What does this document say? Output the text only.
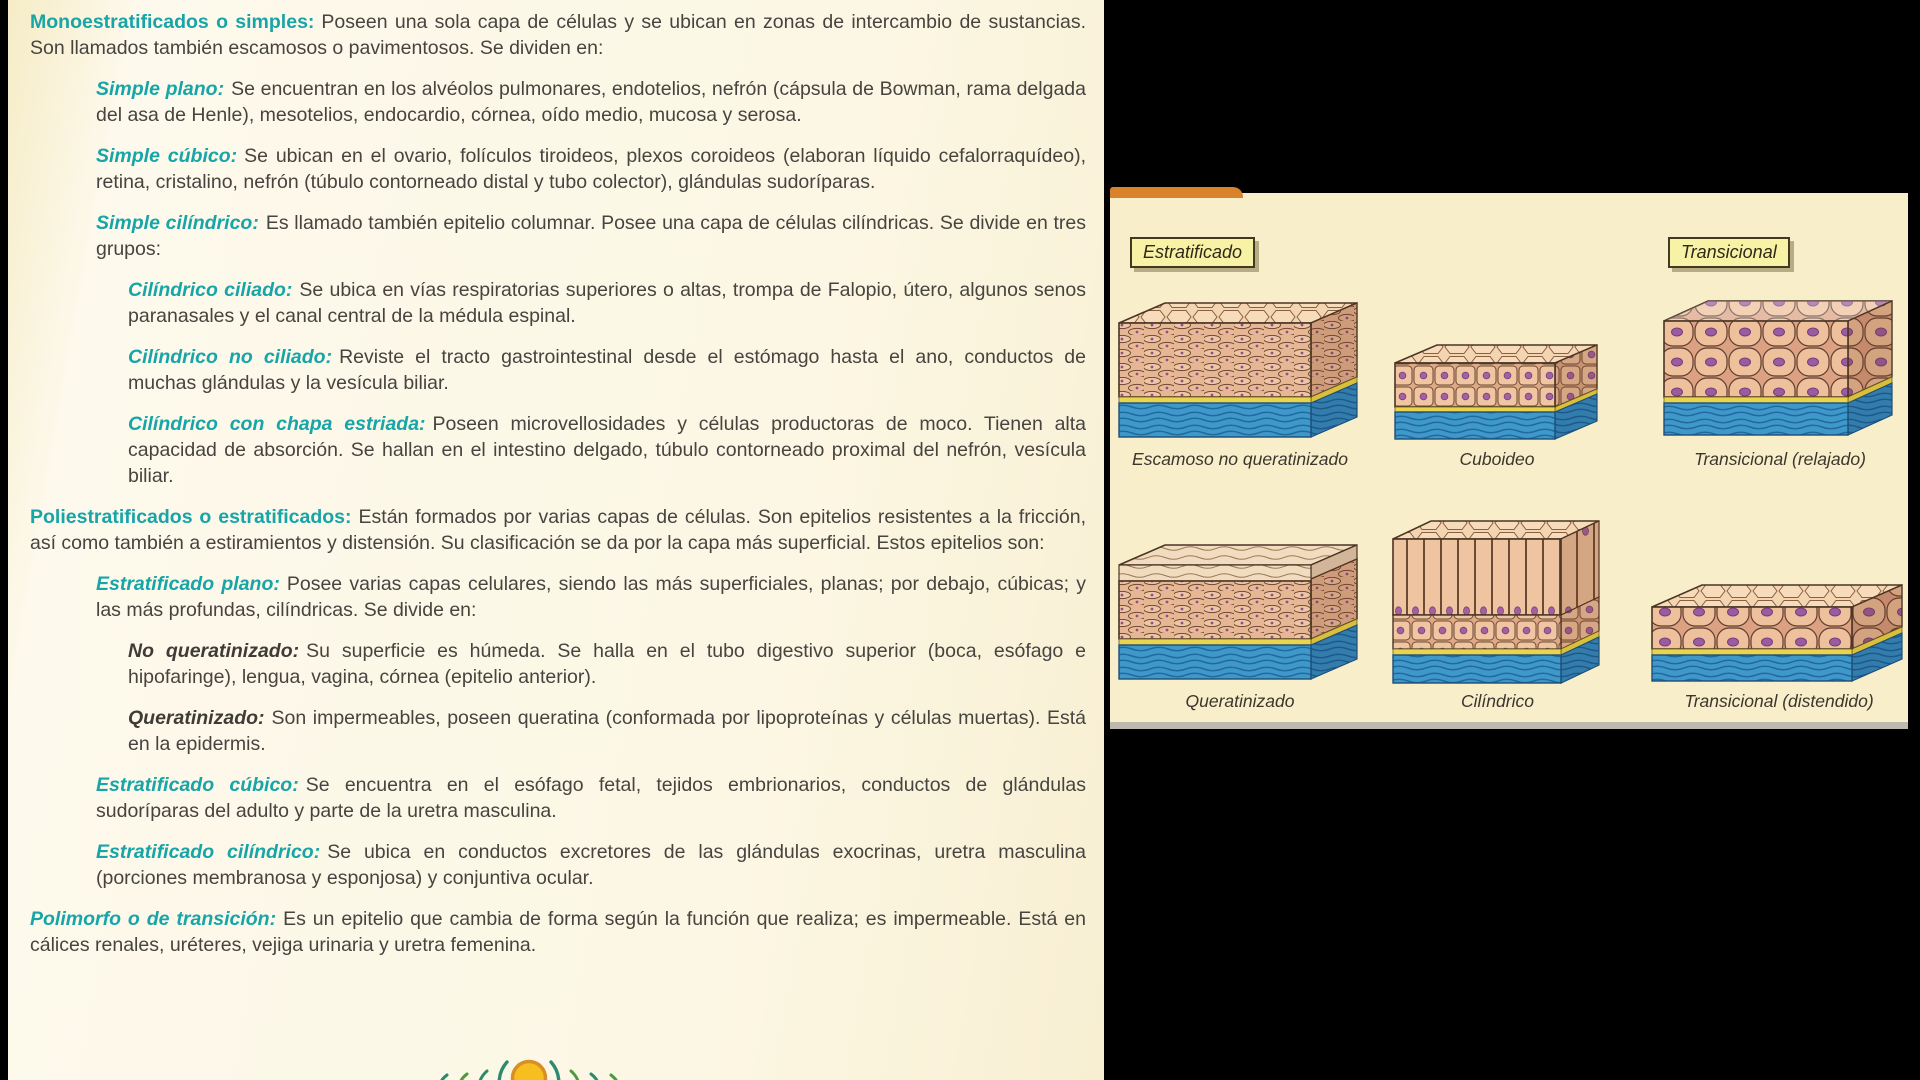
Monoestratificados o simples: Poseen una sola capa de células y se ubican en zonas de intercambio de sustancias. Son llamados también escamosos o pavimentosos. Se dividen en:
Simple plano: Se encuentran en los alvéolos pulmonares, endotelios, nefrón (cápsula de Bowman, rama delgada del asa de Henle), mesotelios, endocardio, córnea, oído medio, mucosa y serosa.
Simple cúbico: Se ubican en el ovario, folículos tiroideos, plexos coroideos (elaboran líquido cefalorraquídeo), retina, cristalino, nefrón (túbulo contorneado distal y tubo colector), glándulas sudoríparas.
Simple cilíndrico: Es llamado también epitelio columnar. Posee una capa de células cilíndricas. Se divide en tres grupos:
Cilíndrico ciliado: Se ubica en vías respiratorias superiores o altas, trompa de Falopio, útero, algunos senos paranasales y el canal central de la médula espinal.
Cilíndrico no ciliado: Reviste el tracto gastrointestinal desde el estómago hasta el ano, conductos de muchas glándulas y la vesícula biliar.
Cilíndrico con chapa estriada: Poseen microvellosidades y células productoras de moco. Tienen alta capacidad de absorción. Se hallan en el intestino delgado, túbulo contorneado proximal del nefrón, vesícula biliar.
Poliestratificados o estratificados: Están formados por varias capas de células. Son epitelios resistentes a la fricción, así como también a estiramientos y distensión. Su clasificación se da por la capa más superficial. Estos epitelios son:
Estratificado plano: Posee varias capas celulares, siendo las más superficiales, planas; por debajo, cúbicas; y las más profundas, cilíndricas. Se divide en:
No queratinizado: Su superficie es húmeda. Se halla en el tubo digestivo superior (boca, esófago e hipofaringe), lengua, vagina, córnea (epitelio anterior).
Queratinizado: Son impermeables, poseen queratina (conformada por lipoproteínas y células muertas). Está en la epidermis.
Estratificado cúbico: Se encuentra en el esófago fetal, tejidos embrionarios, conductos de glándulas sudoríparas del adulto y parte de la uretra masculina.
Estratificado cilíndrico: Se ubica en conductos excretores de las glándulas exocrinas, uretra masculina (porciones membranosa y esponjosa) y conjuntiva ocular.
Polimorfo o de transición: Es un epitelio que cambia de forma según la función que realiza; es impermeable. Está en cálices renales, uréteres, vejiga urinaria y uretra femenina.
Estratificado	Transicional
Escamoso no queratinizado	Cuboideo	Transicional (relajado)
Queratinizado	Cilíndrico	Transicional (distendido)
